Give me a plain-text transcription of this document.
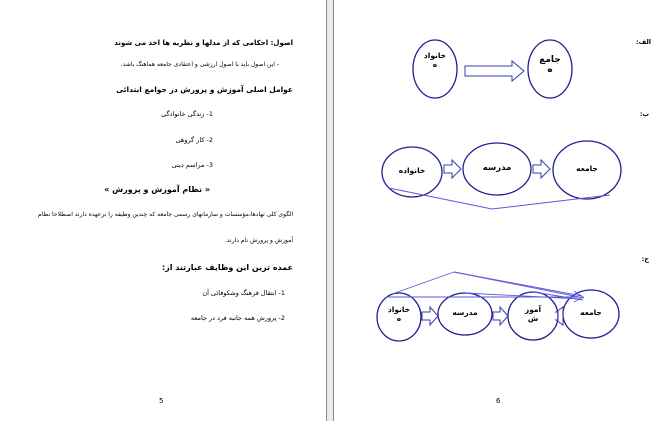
اصول: احکامی که از مدلها و نظریه ها اخذ می شوند
- این اصول باید با اصول ارزشی و اعتقادی جامعه هماهنگ باشد.
عوامل اصلی آموزش و پرورش در جوامع ابتدائی
1- زندگی خانوادگی
2- کار گروهی
3- مراسم دینی
« نظام آموزش و پرورش »
الگوی کلی نهادها،مؤسسات و سازمانهای رسمی جامعه که چندین وظیفه را برعهده دارند اصطلاحا نظام
آموزش و پرورش نام دارند.
عمده ترین این وظایف عبارتند از:
1- انتقال فرهنگ وشکوفائی آن
2- پرورش همه جانبه فرد در جامعه
5
الف:
ب:
ج:
خانواد
ه	جامع
ه
خانواده	مدرسه	جامعه
خانواد
ه
مدرسه	آموز
ش
جامعه
6
